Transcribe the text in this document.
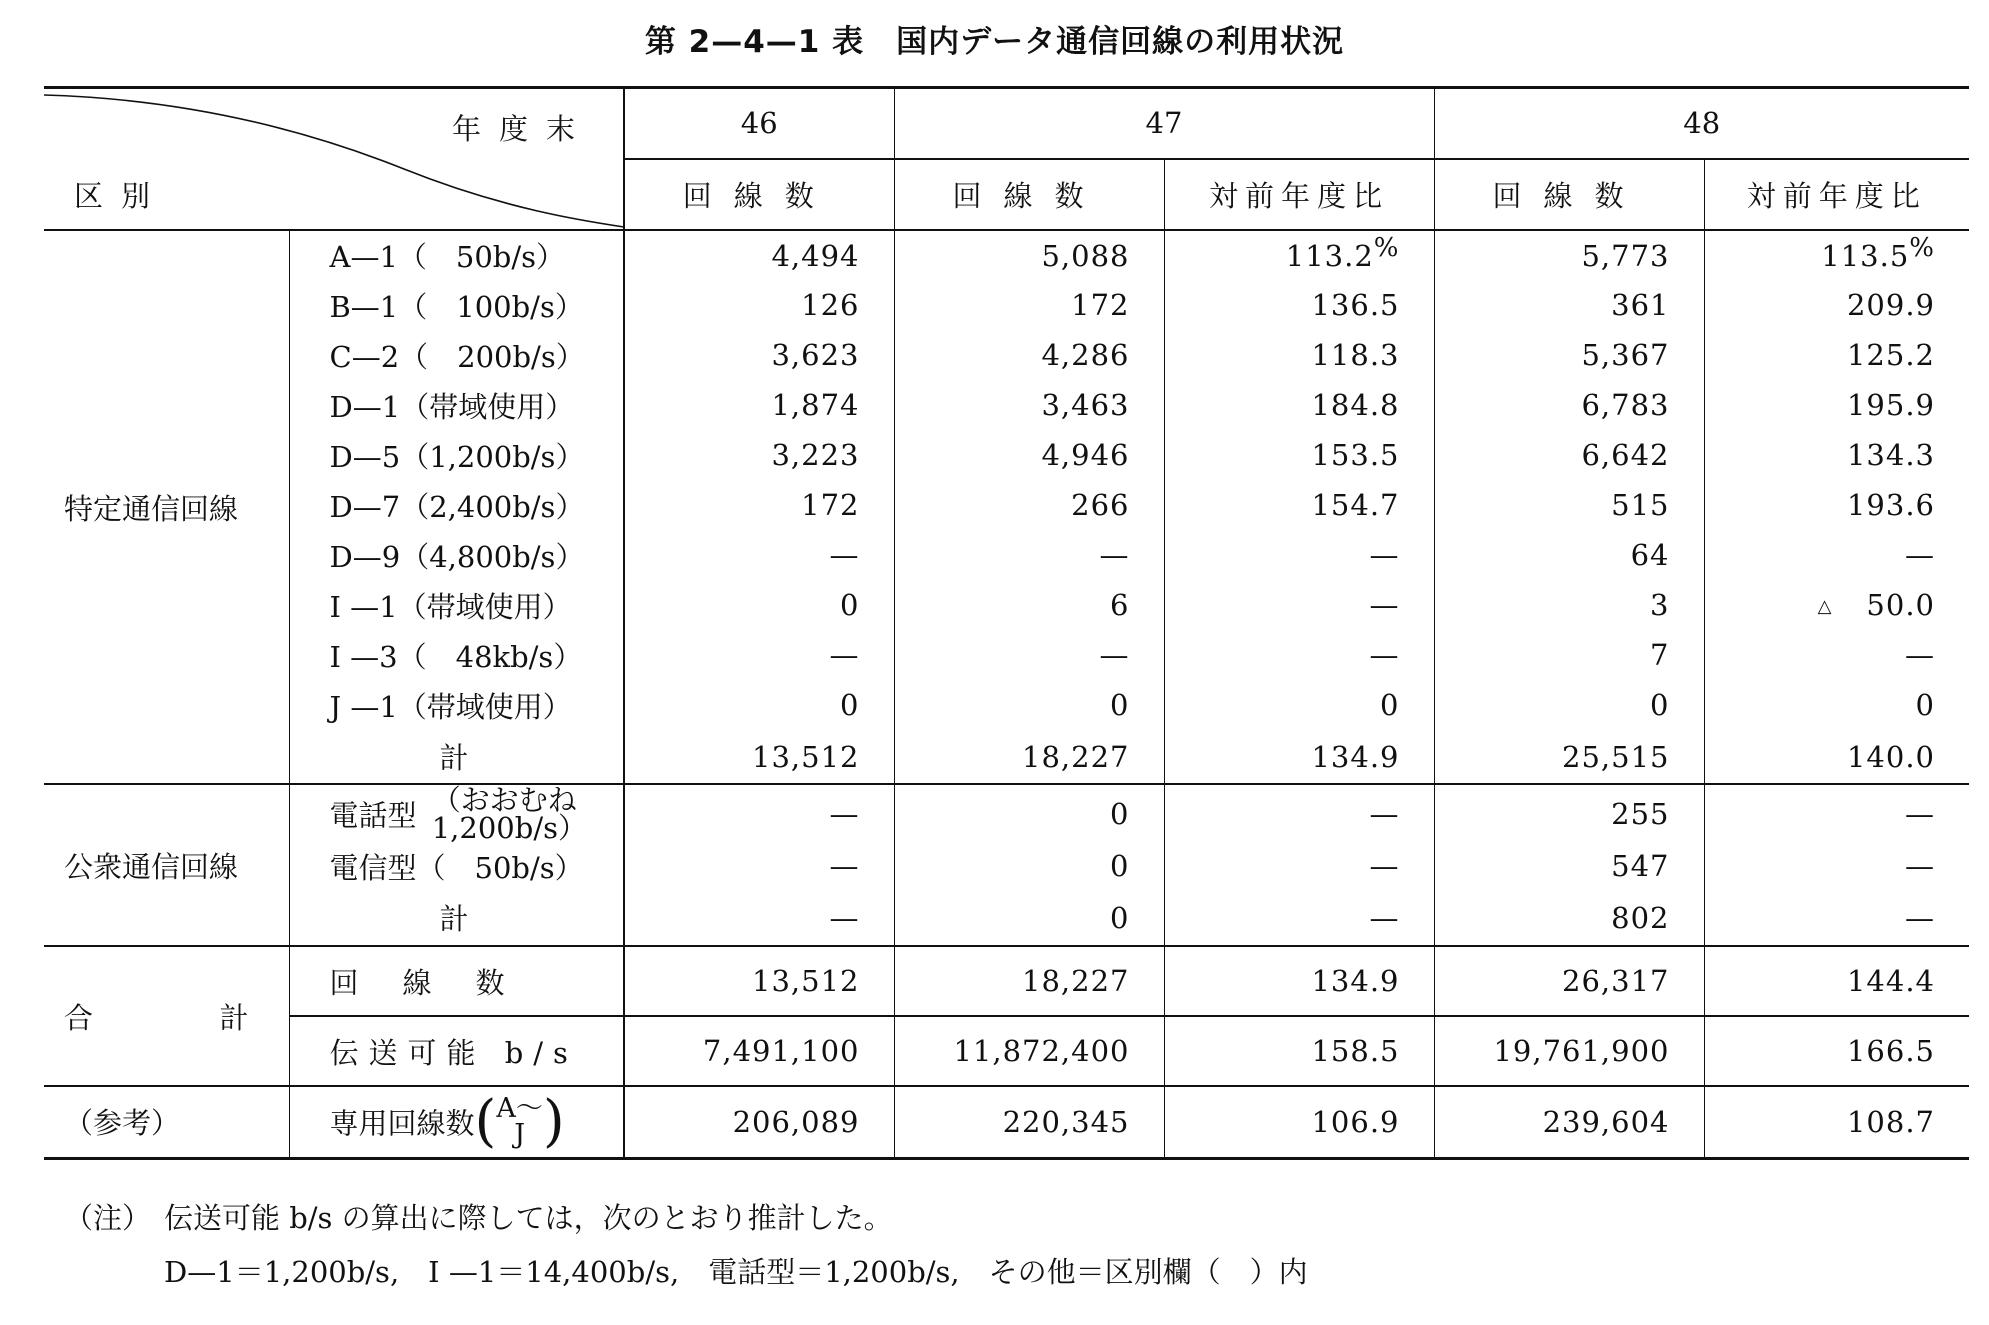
第 2—4—1 表　国内データ通信回線の利用状況
年度末
区別		46	47		48	
		回線数	回線数	対前年度比	回線数	対前年度比
特定通信回線	A—1（　50b/s）	4,494	5,088	113.2%	5,773	113.5%
	B—1（　100b/s）	126	172	136.5	361	209.9
	C—2（　200b/s）	3,623	4,286	118.3	5,367	125.2
	D—1（帯域使用）	1,874	3,463	184.8	6,783	195.9
	D—5（1,200b/s）	3,223	4,946	153.5	6,642	134.3
	D—7（2,400b/s）	172	266	154.7	515	193.6
	D—9（4,800b/s）	—	—	—	64	—
	I —1（帯域使用）	0	6	—	3	△ 50.0
	I —3（　48kb/s）	—	—	—	7	—
	J —1（帯域使用）	0	0	0	0	0
	計	13,512	18,227	134.9	25,515	140.0
公衆通信回線	電話型 （おおむね
1,200b/s）	—	0	—	255	—
	電信型（　50b/s）	—	0	—	547	—
	計	—	0	—	802	—

合 計	回線数	13,512	18,227	134.9	26,317	144.4
	伝送可能 b/s	7,491,100	11,872,400	158.5	19,761,900	166.5

（参考）	専用回線数(A〜
J )	206,089	220,345	106.9	239,604	108.7
（注） 伝送可能 b/s の算出に際しては，次のとおり推計した。
D—1＝1,200b/s,　I —1＝14,400b/s,　電話型＝1,200b/s,　その他＝区別欄（　）内
